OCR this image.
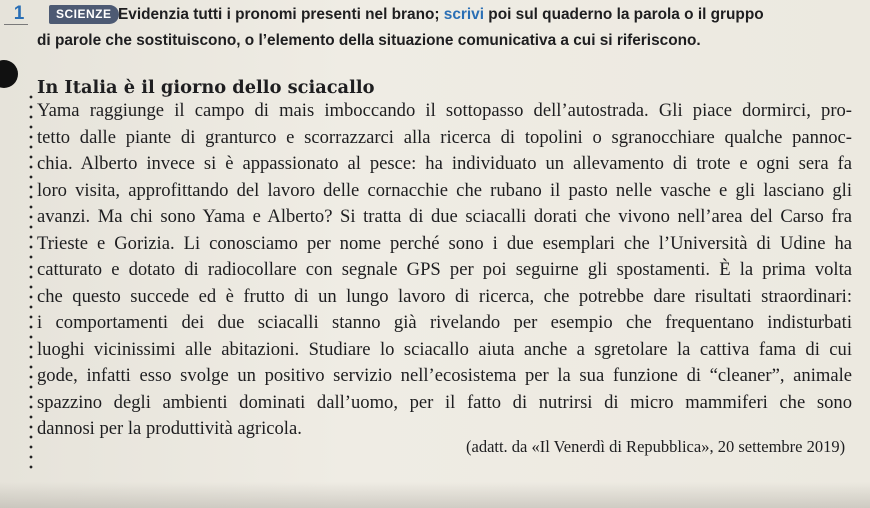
1	SCIENZE Evidenzia tutti i pronomi presenti nel brano; scrivi poi sul quaderno la parola o il gruppo
di parole che sostituiscono, o l’elemento della situazione comunicativa a cui si riferiscono.
In Italia è il giorno dello sciacallo
Yama raggiunge il campo di mais imboccando il sottopasso dell’autostrada. Gli piace dormirci, pro-
tetto dalle piante di granturco e scorrazzarci alla ricerca di topolini o sgranocchiare qualche pannoc-
chia. Alberto invece si è appassionato al pesce: ha individuato un allevamento di trote e ogni sera fa
loro visita, approfittando del lavoro delle cornacchie che rubano il pasto nelle vasche e gli lasciano gli
avanzi. Ma chi sono Yama e Alberto? Si tratta di due sciacalli dorati che vivono nell’area del Carso fra
Trieste e Gorizia. Li conosciamo per nome perché sono i due esemplari che l’Università di Udine ha
catturato e dotato di radiocollare con segnale GPS per poi seguirne gli spostamenti. È la prima volta
che questo succede ed è frutto di un lungo lavoro di ricerca, che potrebbe dare risultati straordinari:
i comportamenti dei due sciacalli stanno già rivelando per esempio che frequentano indisturbati
luoghi vicinissimi alle abitazioni. Studiare lo sciacallo aiuta anche a sgretolare la cattiva fama di cui
gode, infatti esso svolge un positivo servizio nell’ecosistema per la sua funzione di “cleaner”, animale
spazzino degli ambienti dominati dall’uomo, per il fatto di nutrirsi di micro mammiferi che sono
dannosi per la produttività agricola.
(adatt. da «Il Venerdì di Repubblica», 20 settembre 2019)
